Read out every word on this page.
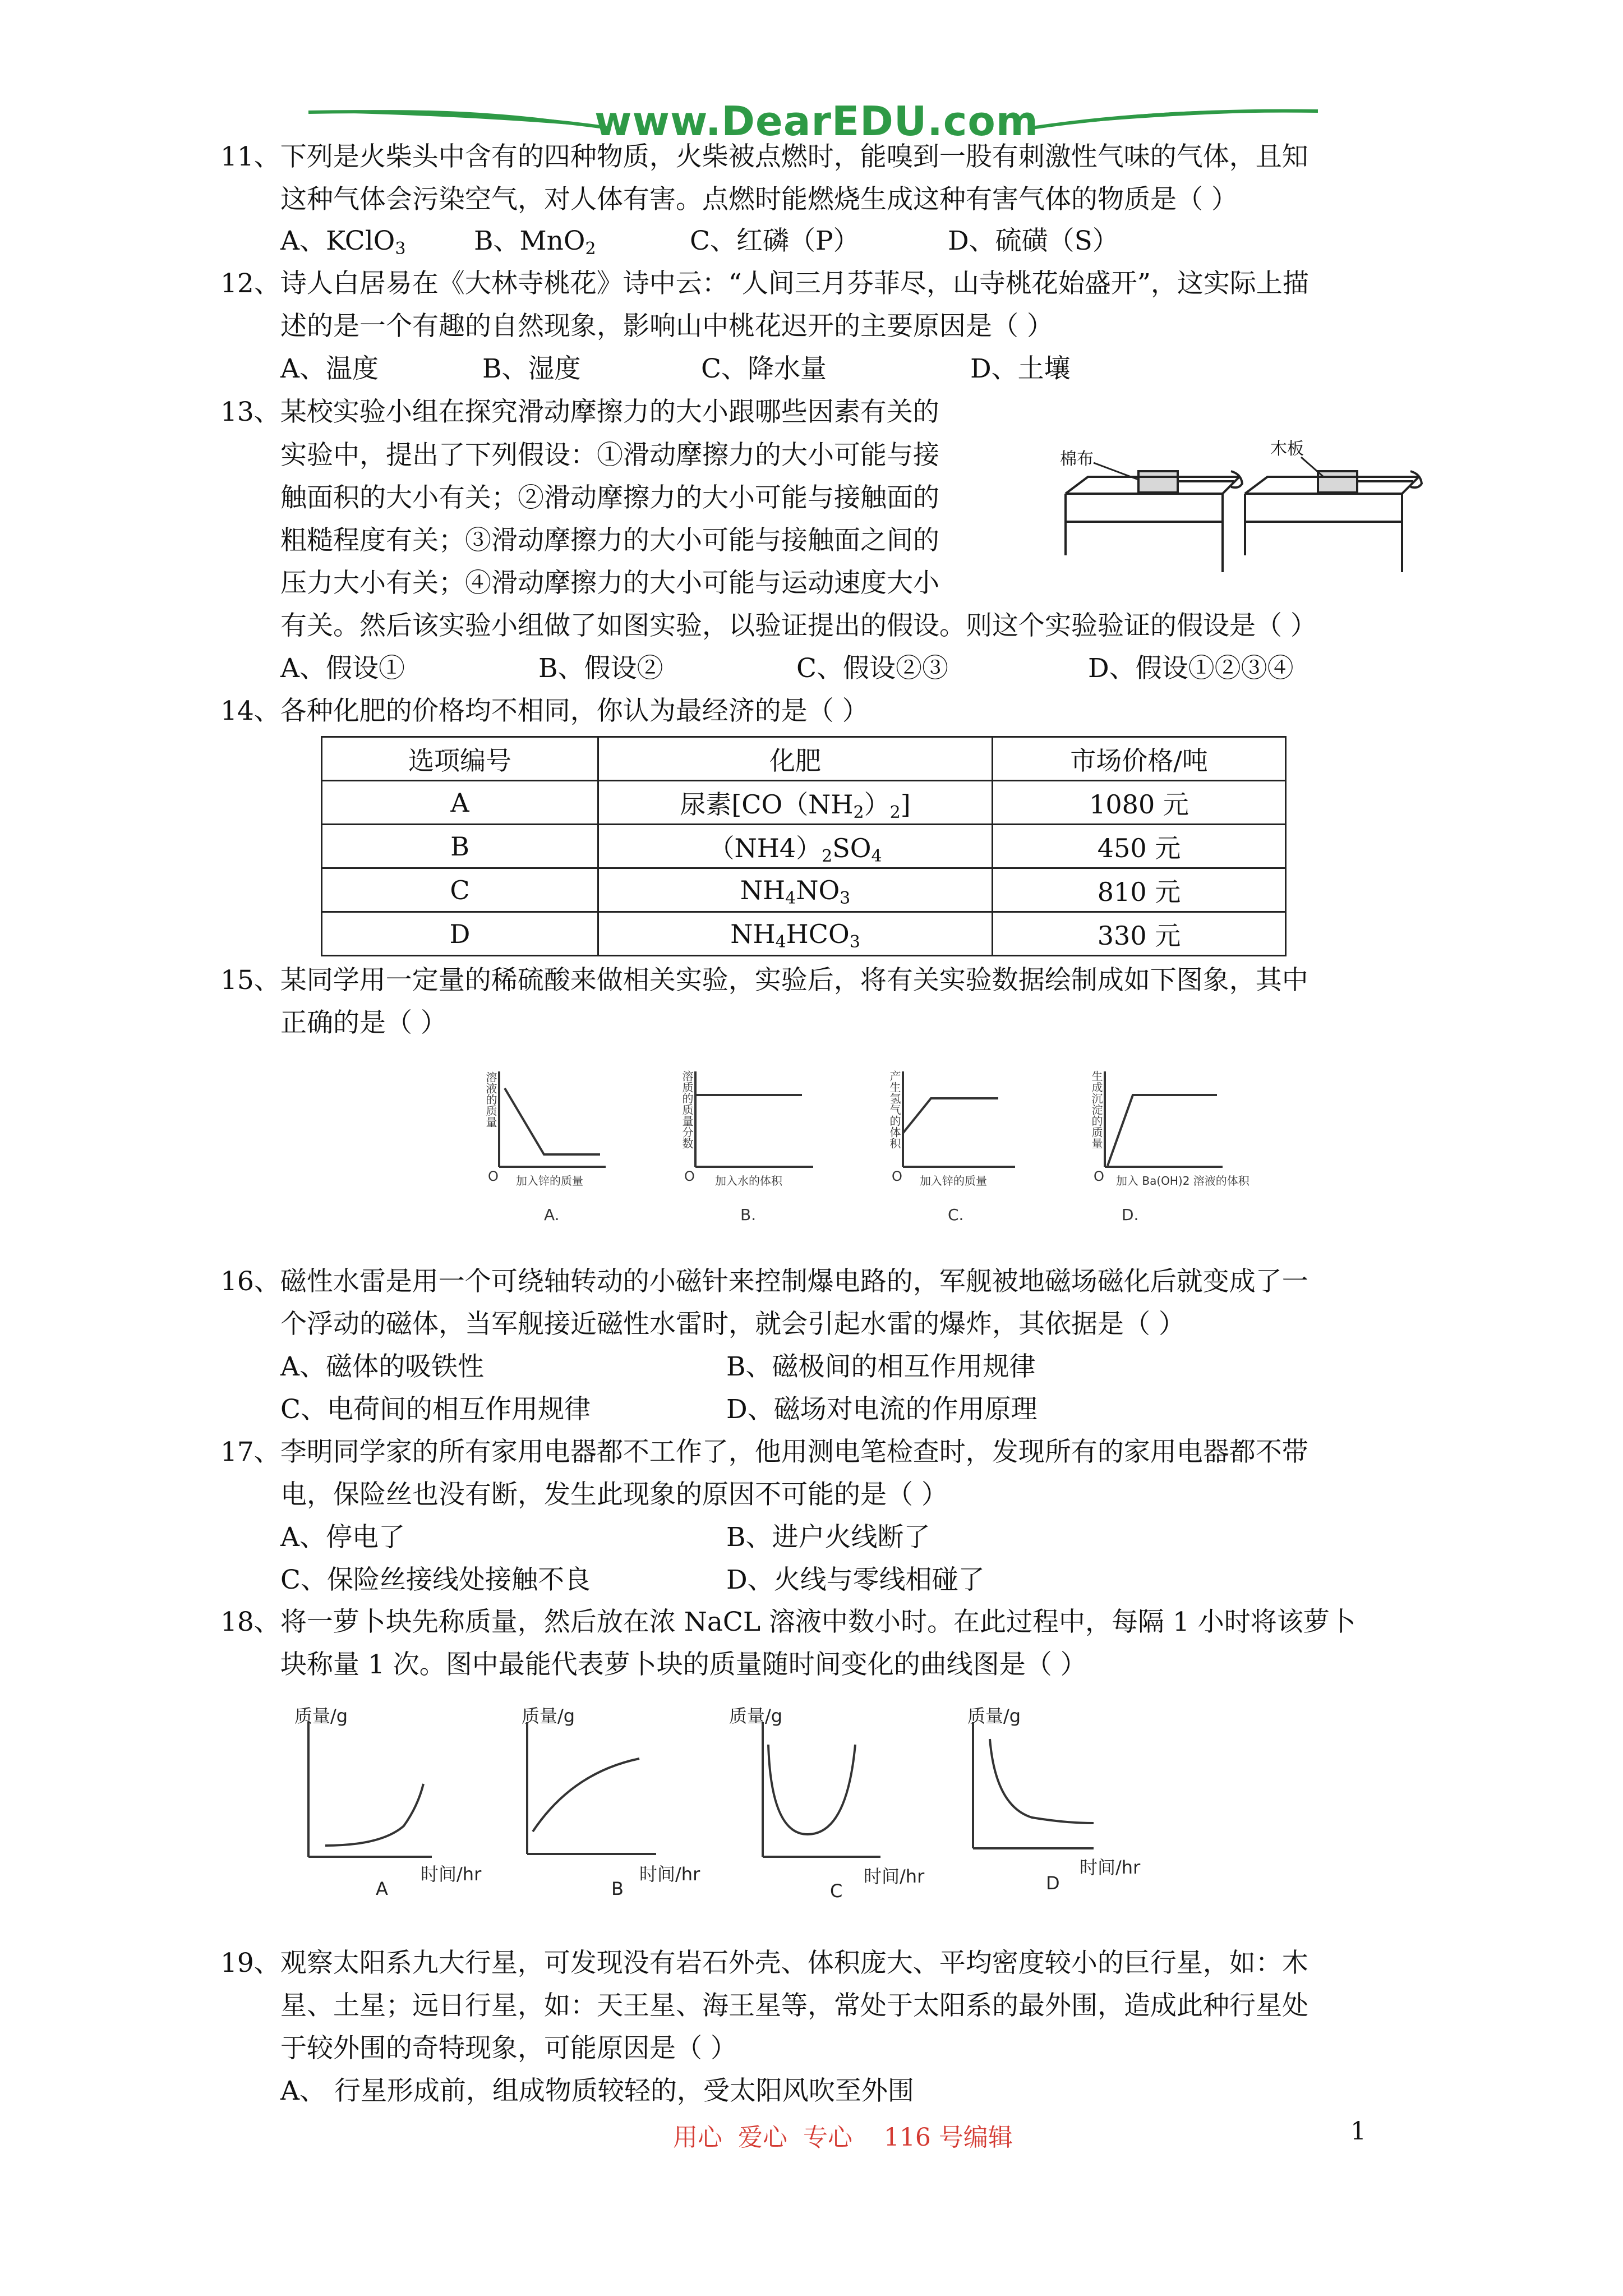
www.DearEDU.com
11、下列是火柴头中含有的四种物质，火柴被点燃时，能嗅到一股有刺激性气味的气体，且知
这种气体会污染空气，对人体有害。点燃时能燃烧生成这种有害气体的物质是（ ）
A、KClO$_3$	B、MnO$_2$	C、红磷（P）	D、硫磺（S）
12、诗人白居易在《大林寺桃花》诗中云：“人间三月芬菲尽，山寺桃花始盛开”，这实际上描
述的是一个有趣的自然现象，影响山中桃花迟开的主要原因是（ ）
A、温度	B、湿度	C、降水量	D、土壤
13、某校实验小组在探究滑动摩擦力的大小跟哪些因素有关的
实验中，提出了下列假设：①滑动摩擦力的大小可能与接
触面积的大小有关；②滑动摩擦力的大小可能与接触面的
粗糙程度有关；③滑动摩擦力的大小可能与接触面之间的
压力大小有关；④滑动摩擦力的大小可能与运动速度大小
有关。然后该实验小组做了如图实验，以验证提出的假设。则这个实验验证的假设是（ ）
A、假设①	B、假设②	C、假设②③	D、假设①②③④
棉布
木板
14、各种化肥的价格均不相同，你认为最经济的是（ ）
选项编号	化肥	市场价格/吨
A	尿素$[CO(NH_2)_2]$	1080 元
B	$(NH4)_2SO_4$	450 元
C	$NH_4NO_3$	810 元
D	$NH_4HCO_3$	330 元
15、某同学用一定量的稀硫酸来做相关实验，实验后，将有关实验数据绘制成如下图象，其中
正确的是（ ）
溶液的质量
O 加入锌的质量
A.
溶质的质量分数
O 加入水的体积
B.
产生氢气的体积
O 加入锌的质量
C.
生成沉淀的质量
O 加入 Ba(OH)2 溶液的体积
D.
16、磁性水雷是用一个可绕轴转动的小磁针来控制爆电路的，军舰被地磁场磁化后就变成了一
个浮动的磁体，当军舰接近磁性水雷时，就会引起水雷的爆炸，其依据是（ ）
A、磁体的吸铁性	B、磁极间的相互作用规律
C、电荷间的相互作用规律	D、磁场对电流的作用原理
17、李明同学家的所有家用电器都不工作了，他用测电笔检查时，发现所有的家用电器都不带
电，保险丝也没有断，发生此现象的原因不可能的是（ ）
A、停电了	B、进户火线断了
C、保险丝接线处接触不良	D、火线与零线相碰了
18、将一萝卜块先称质量，然后放在浓 NaCL 溶液中数小时。在此过程中，每隔 1 小时将该萝卜
块称量 1 次。图中最能代表萝卜块的质量随时间变化的曲线图是（ ）
质量/g
时间/hr
A
质量/g
时间/hr
B
质量/g
时间/hr
C
质量/g
时间/hr
D
19、观察太阳系九大行星，可发现没有岩石外壳、体积庞大、平均密度较小的巨行星，如：木
星、土星；远日行星，如：天王星、海王星等，常处于太阳系的最外围，造成此种行星处
于较外围的奇特现象，可能原因是（ ）
A、 行星形成前，组成物质较轻的，受太阳风吹至外围
用心  爱心  专心    116 号编辑	1
